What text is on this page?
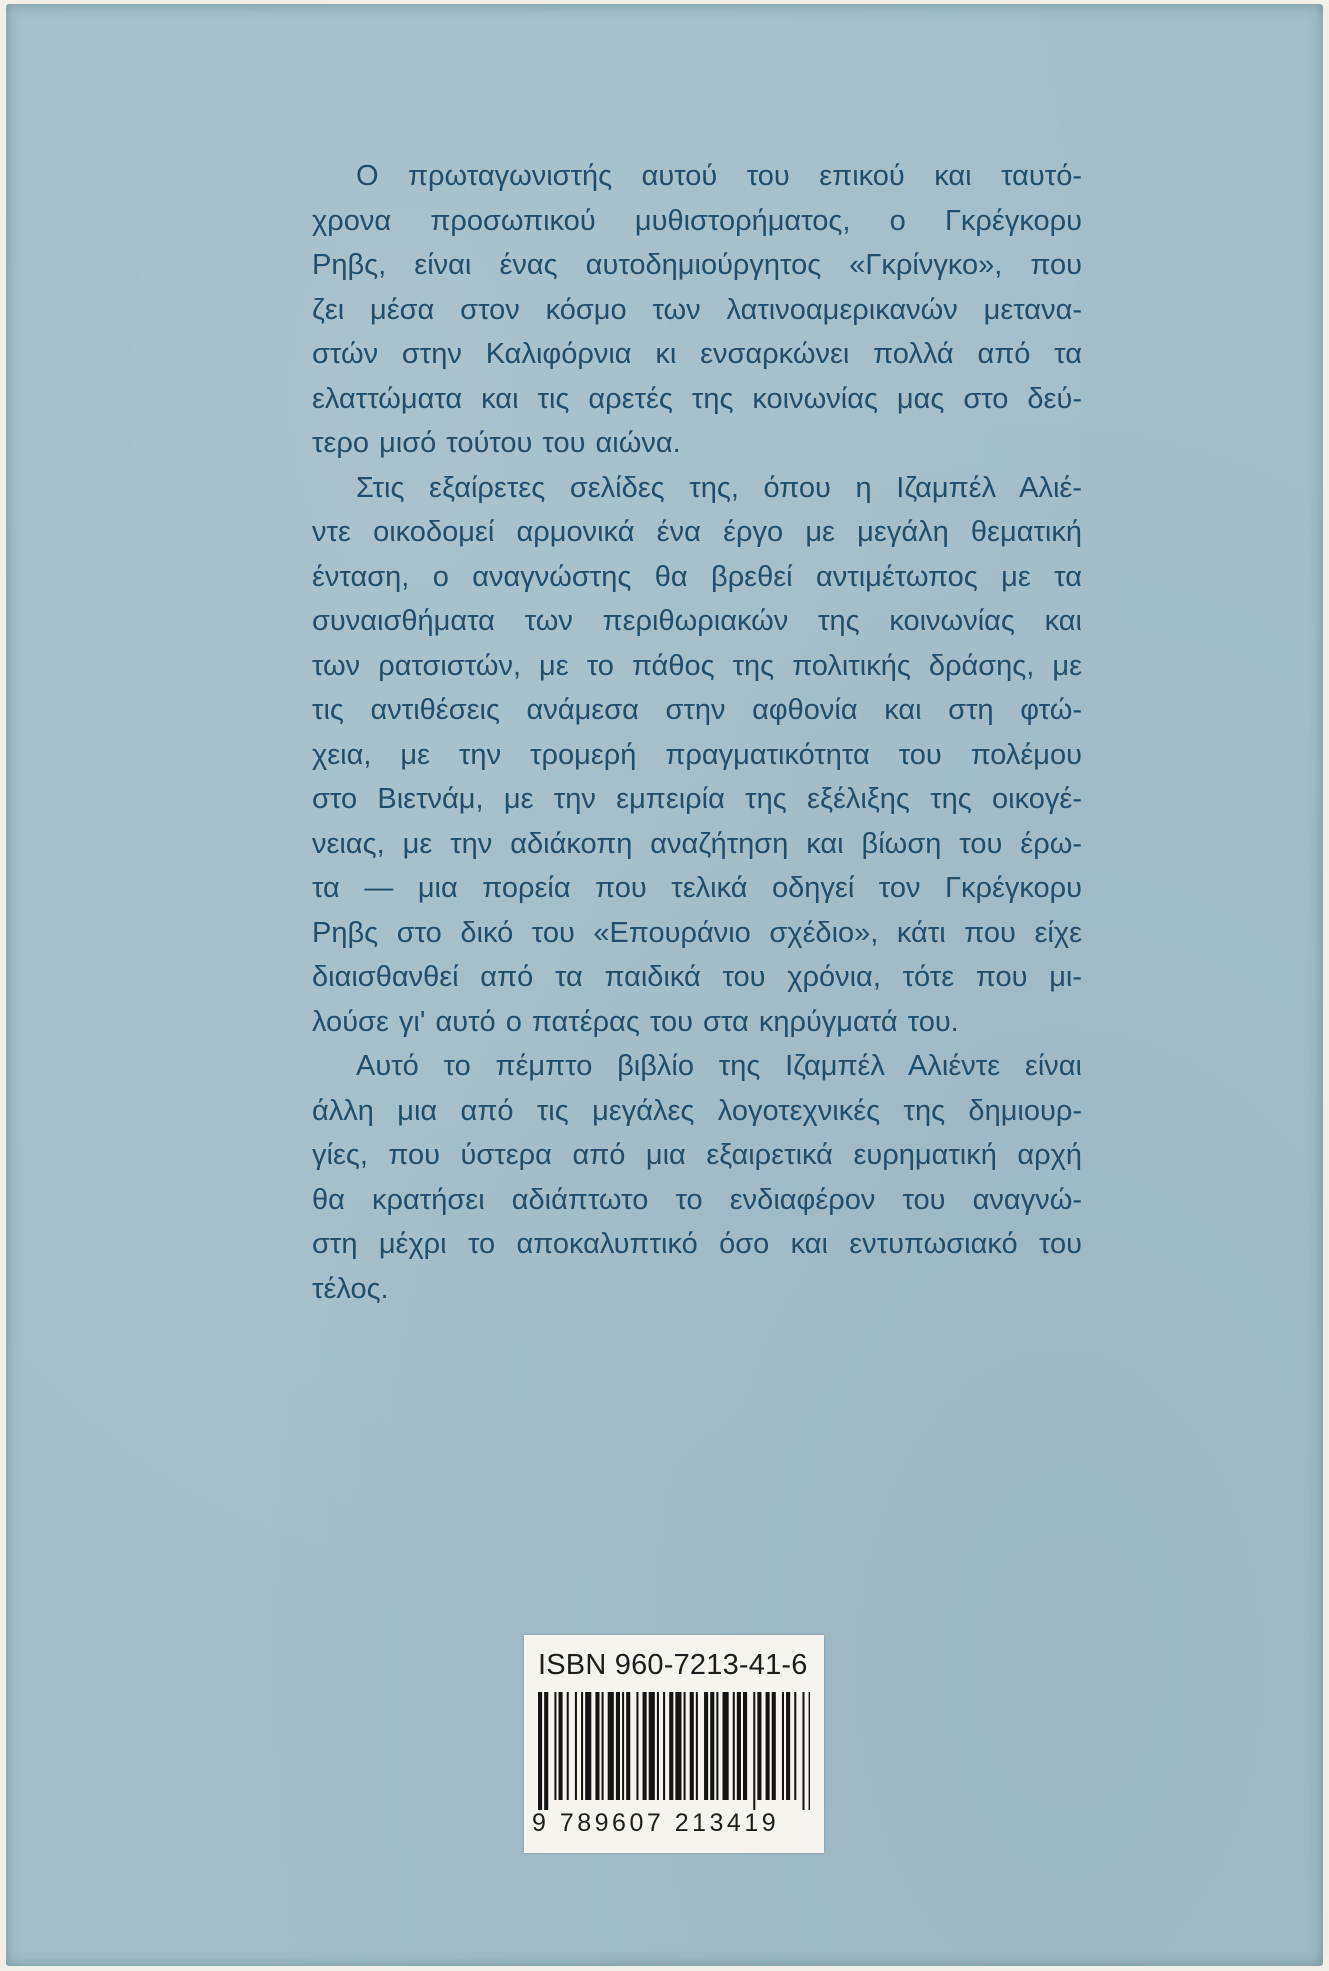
Ο πρωταγωνιστής αυτού του επικού και ταυτό-
χρονα προσωπικού μυθιστορήματος, ο Γκρέγκορυ
Ρηβς, είναι ένας αυτοδημιούργητος «Γκρίνγκο», που
ζει μέσα στον κόσμο των λατινοαμερικανών μετανα-
στών στην Καλιφόρνια κι ενσαρκώνει πολλά από τα
ελαττώματα και τις αρετές της κοινωνίας μας στο δεύ-
τερο μισό τούτου του αιώνα.

Στις εξαίρετες σελίδες της, όπου η Ιζαμπέλ Αλιέ-
ντε οικοδομεί αρμονικά ένα έργο με μεγάλη θεματική
ένταση, ο αναγνώστης θα βρεθεί αντιμέτωπος με τα
συναισθήματα των περιθωριακών της κοινωνίας και
των ρατσιστών, με το πάθος της πολιτικής δράσης, με
τις αντιθέσεις ανάμεσα στην αφθονία και στη φτώ-
χεια, με την τρομερή πραγματικότητα του πολέμου
στο Βιετνάμ, με την εμπειρία της εξέλιξης της οικογέ-
νειας, με την αδιάκοπη αναζήτηση και βίωση του έρω-
τα — μια πορεία που τελικά οδηγεί τον Γκρέγκορυ
Ρηβς στο δικό του «Επουράνιο σχέδιο», κάτι που είχε
διαισθανθεί από τα παιδικά του χρόνια, τότε που μι-
λούσε γι' αυτό ο πατέρας του στα κηρύγματά του.

Αυτό το πέμπτο βιβλίο της Ιζαμπέλ Αλιέντε είναι
άλλη μια από τις μεγάλες λογοτεχνικές της δημιουρ-
γίες, που ύστερα από μια εξαιρετικά ευρηματική αρχή
θα κρατήσει αδιάπτωτο το ενδιαφέρον του αναγνώ-
στη μέχρι το αποκαλυπτικό όσο και εντυπωσιακό του
τέλος.

ISBN 960-7213-41-6
9 789607 213419
